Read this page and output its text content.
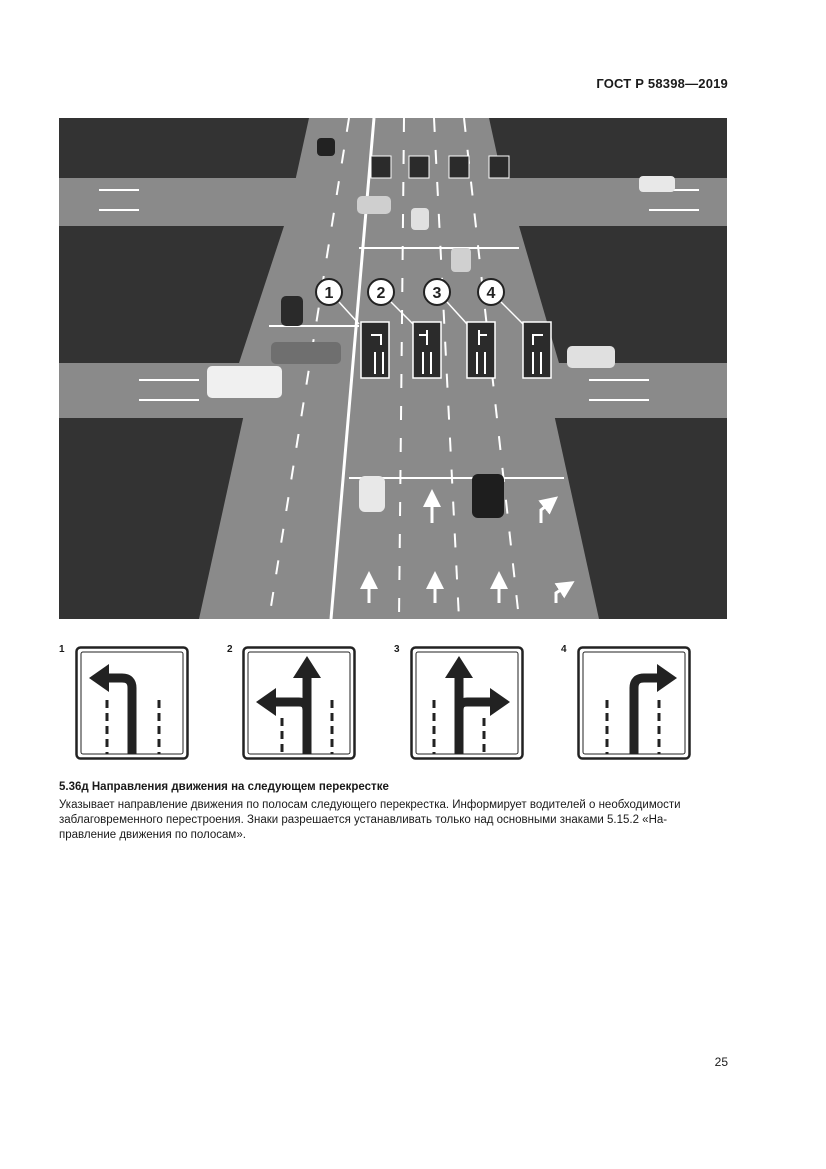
ГОСТ Р 58398—2019
1	2	3	4
1	2	3	4
5.36д Направления движения на следующем перекрестке
Указывает направление движения по полосам следующего перекрестка. Информирует водителей о необходимости
заблаговременного перестроения. Знаки разрешается устанавливать только над основными знаками 5.15.2 «На-
правление движения по полосам».
25
